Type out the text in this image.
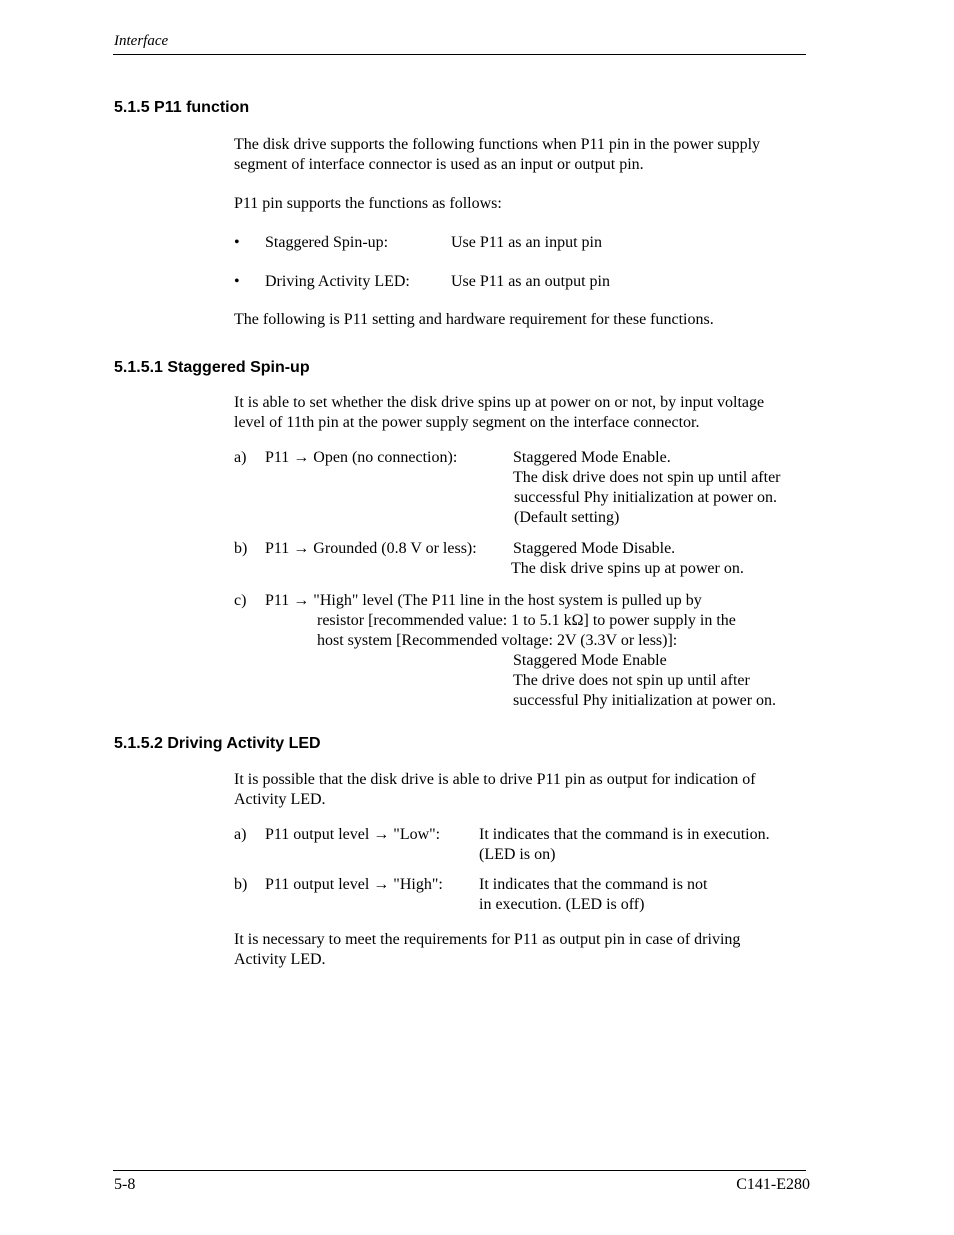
Interface
5.1.5 P11 function
The disk drive supports the following functions when P11 pin in the power supply
segment of interface connector is used as an input or output pin.
P11 pin supports the functions as follows:
• Staggered Spin-up:	Use P11 as an input pin
• Driving Activity LED:	Use P11 as an output pin
The following is P11 setting and hardware requirement for these functions.
5.1.5.1 Staggered Spin-up
It is able to set whether the disk drive spins up at power on or not, by input voltage
level of 11th pin at the power supply segment on the interface connector.
a) P11 → Open (no connection):	Staggered Mode Enable.
The disk drive does not spin up until after
successful Phy initialization at power on.
(Default setting)
b) P11 → Grounded (0.8 V or less): Staggered Mode Disable.
The disk drive spins up at power on.
c) P11 → "High" level (The P11 line in the host system is pulled up by
resistor [recommended value: 1 to 5.1 kΩ] to power supply in the
host system [Recommended voltage: 2V (3.3V or less)]:
Staggered Mode Enable
The drive does not spin up until after
successful Phy initialization at power on.
5.1.5.2 Driving Activity LED
It is possible that the disk drive is able to drive P11 pin as output for indication of
Activity LED.
a) P11 output level → "Low": It indicates that the command is in execution.
(LED is on)
b) P11 output level → "High": It indicates that the command is not
in execution. (LED is off)
It is necessary to meet the requirements for P11 as output pin in case of driving
Activity LED.
5-8	C141-E280
